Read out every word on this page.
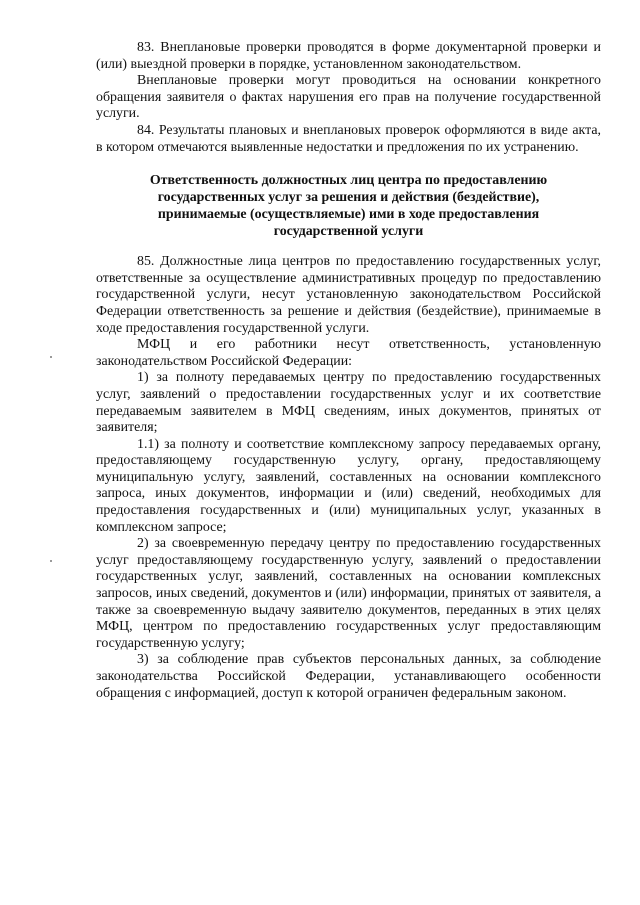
83. Внеплановые проверки проводятся в форме документарной проверки и (или) выездной проверки в порядке, установленном законодательством.

Внеплановые проверки могут проводиться на основании конкретного обращения заявителя о фактах нарушения его прав на получение государственной услуги.

84. Результаты плановых и внеплановых проверок оформляются в виде акта, в котором отмечаются выявленные недостатки и предложения по их устранению.

Ответственность должностных лиц центра по предоставлению государственных услуг за решения и действия (бездействие), принимаемые (осуществляемые) ими в ходе предоставления государственной услуги

85. Должностные лица центров по предоставлению государственных услуг, ответственные за осуществление административных процедур по предоставлению государственной услуги, несут установленную законодательством Российской Федерации ответственность за решение и действия (бездействие), принимаемые в ходе предоставления государственной услуги.

МФЦ и его работники несут ответственность, установленную законодательством Российской Федерации:

1) за полноту передаваемых центру по предоставлению государственных услуг, заявлений о предоставлении государственных услуг и их соответствие передаваемым заявителем в МФЦ сведениям, иных документов, принятых от заявителя;

1.1) за полноту и соответствие комплексному запросу передаваемых органу, предоставляющему государственную услугу, органу, предоставляющему муниципальную услугу, заявлений, составленных на основании комплексного запроса, иных документов, информации и (или) сведений, необходимых для предоставления государственных и (или) муниципальных услуг, указанных в комплексном запросе;

2) за своевременную передачу центру по предоставлению государственных услуг предоставляющему государственную услугу, заявлений о предоставлении государственных услуг, заявлений, составленных на основании комплексных запросов, иных сведений, документов и (или) информации, принятых от заявителя, а также за своевременную выдачу заявителю документов, переданных в этих целях МФЦ, центром по предоставлению государственных услуг предоставляющим государственную услугу;

3) за соблюдение прав субъектов персональных данных, за соблюдение законодательства Российской Федерации, устанавливающего особенности обращения с информацией, доступ к которой ограничен федеральным законом.
